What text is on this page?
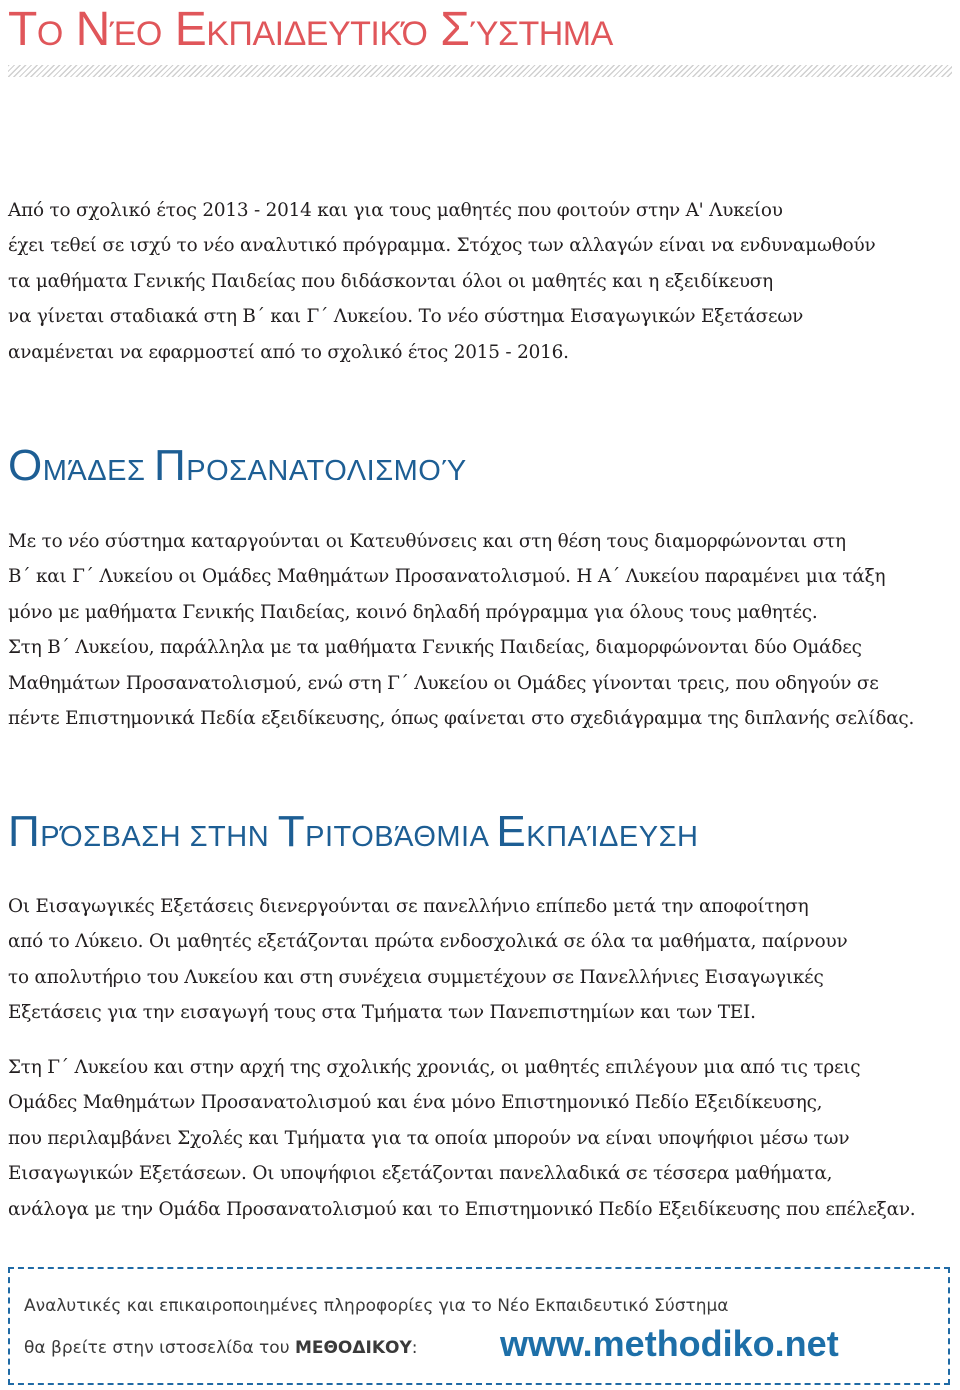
Το Νέο Εκπαιδευτικό Σύστημα
Από το σχολικό έτος 2013 - 2014 και για τους μαθητές που φοιτούν στην Α' Λυκείου
έχει τεθεί σε ισχύ το νέο αναλυτικό πρόγραμμα. Στόχος των αλλαγών είναι να ενδυναμωθούν
τα μαθήματα Γενικής Παιδείας που διδάσκονται όλοι οι μαθητές και η εξειδίκευση
να γίνεται σταδιακά στη Β΄ και Γ΄ Λυκείου. Το νέο σύστημα Εισαγωγικών Εξετάσεων
αναμένεται να εφαρμοστεί από το σχολικό έτος 2015 - 2016.
ΟΜΆΔΕΣ ΠΡΟΣΑΝΑΤΟΛΙΣΜΟΎ
Με το νέο σύστημα καταργούνται οι Κατευθύνσεις και στη θέση τους διαμορφώνονται στη
Β΄ και Γ΄ Λυκείου οι Ομάδες Μαθημάτων Προσανατολισμού. Η Α΄ Λυκείου παραμένει μια τάξη
μόνο με μαθήματα Γενικής Παιδείας, κοινό δηλαδή πρόγραμμα για όλους τους μαθητές.
Στη Β΄ Λυκείου, παράλληλα με τα μαθήματα Γενικής Παιδείας, διαμορφώνονται δύο Ομάδες
Μαθημάτων Προσανατολισμού, ενώ στη Γ΄ Λυκείου οι Ομάδες γίνονται τρεις, που οδηγούν σε
πέντε Επιστημονικά Πεδία εξειδίκευσης, όπως φαίνεται στο σχεδιάγραμμα της διπλανής σελίδας.
ΠΡΌΣΒΑΣΗ ΣΤΗΝ ΤΡΙΤΟΒΆΘΜΙΑ ΕΚΠΑΊΔΕΥΣΗ
Οι Εισαγωγικές Εξετάσεις διενεργούνται σε πανελλήνιο επίπεδο μετά την αποφοίτηση
από το Λύκειο. Οι μαθητές εξετάζονται πρώτα ενδοσχολικά σε όλα τα μαθήματα, παίρνουν
το απολυτήριο του Λυκείου και στη συνέχεια συμμετέχουν σε Πανελλήνιες Εισαγωγικές
Εξετάσεις για την εισαγωγή τους στα Τμήματα των Πανεπιστημίων και των ΤΕΙ.
Στη Γ΄ Λυκείου και στην αρχή της σχολικής χρονιάς, οι μαθητές επιλέγουν μια από τις τρεις
Ομάδες Μαθημάτων Προσανατολισμού και ένα μόνο Επιστημονικό Πεδίο Εξειδίκευσης,
που περιλαμβάνει Σχολές και Τμήματα για τα οποία μπορούν να είναι υποψήφιοι μέσω των
Εισαγωγικών Εξετάσεων. Οι υποψήφιοι εξετάζονται πανελλαδικά σε τέσσερα μαθήματα,
ανάλογα με την Ομάδα Προσανατολισμού και το Επιστημονικό Πεδίο Εξειδίκευσης που επέλεξαν.

Αναλυτικές και επικαιροποιημένες πληροφορίες για το Νέο Εκπαιδευτικό Σύστημα

θα βρείτε στην ιστοσελίδα του ΜΕΘΟΔΙΚΟΥ: www.methodiko.net
